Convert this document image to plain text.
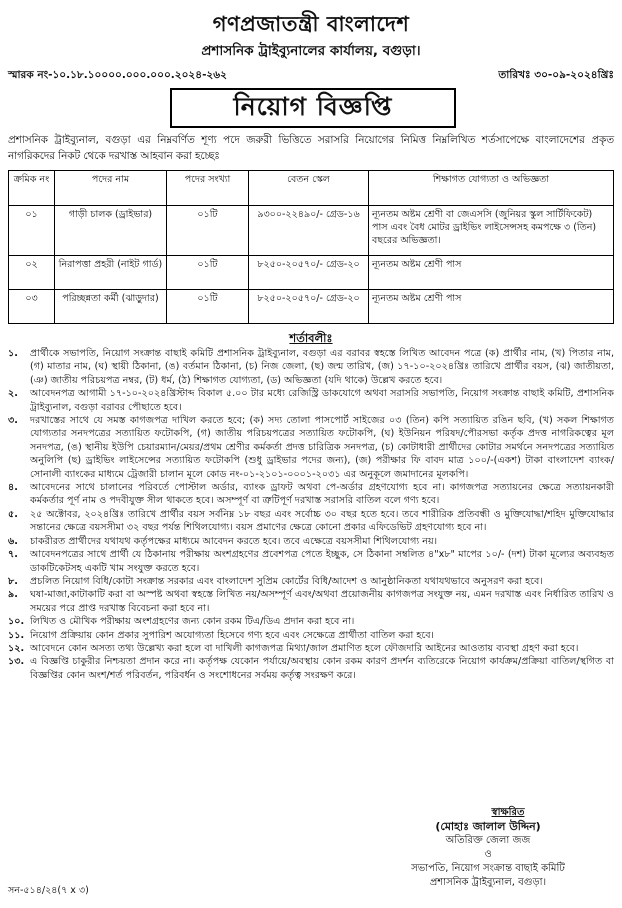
গণপ্রজাতন্ত্রী বাংলাদেশ
প্রশাসনিক ট্রাইব্যুনালের কার্যালয়, বগুড়া।
স্মারক নং-১০.১৮.১০০০০.০০০.০০০.২০২৪-২৬২	তারিখঃ ৩০-০৯-২০২৪খ্রিঃ
নিয়োগ বিজ্ঞপ্তি
প্রশাসনিক ট্রাইব্যুনাল, বগুড়া এর নিম্নবর্ণিত শূণ্য পদে জরুরী ভিত্তিতে সরাসরি নিয়োগের নিমিত্ত নিম্নলিখিত শর্তসাপেক্ষে বাংলাদেশের প্রকৃত নাগরিকদের নিকট থেকে দরখাস্ত আহবান করা হচ্ছেঃ
ক্রমিক নং	পদের নাম	পদের সংখ্যা	বেতন স্কেল	শিক্ষাগত যোগ্যতা ও অভিজ্ঞতা
০১	গাড়ী চালক (ড্রাইভার)	০১টি	৯৩০০-২২৪৯০/- গ্রেড-১৬	ন্যূনতম অষ্টম শ্রেণী বা জেএসসি (জুনিয়র স্কুল সার্টিফিকেট) পাস এবং বৈধ মোটর ড্রাইভিং লাইসেন্সসহ কমপক্ষে ৩ (তিন) বছরের অভিজ্ঞতা।
০২	নিরাপত্তা প্রহরী (নাইট গার্ড)	০১টি	৮২৫০-২০৫৭০/- গ্রেড-২০	ন্যূনতম অষ্টম শ্রেণী পাস
০৩	পরিচ্ছন্নতা কর্মী (ঝাড়ুদার)	০১টি	৮২৫০-২০৫৭০/- গ্রেড-২০	ন্যূনতম অষ্টম শ্রেণী পাস
শর্তাবলীঃ
১.	প্রার্থীকে সভাপতি, নিয়োগ সংক্রান্ত বাছাই কমিটি প্রশাসনিক ট্রাইব্যুনাল, বগুড়া এর বরাবর স্বহস্তে লিখিত আবেদন পত্রে (ক) প্রার্থীর নাম, (খ) পিতার নাম, (গ) মাতার নাম, (ঘ) স্থায়ী ঠিকানা, (ঙ) বর্তমান ঠিকানা, (চ) নিজ জেলা, (ছ) জন্ম তারিখ, (জ) ১৭-১০-২০২৪খ্রিঃ তারিখে প্রার্থীর বয়স, (ঝ) জাতীয়তা, (ঞ) জাতীয় পরিচয়পত্র নম্বর, (ট) ধর্ম, (ঠ) শিক্ষাগত যোগ্যতা, (ড) অভিজ্ঞতা (যদি থাকে) উল্লেখ করতে হবে।
২.	আবেদনপত্র আগামী ১৭-১০-২০২৪খ্রিস্টাব্দ বিকাল ৫.০০ টার মধ্যে রেজিস্ট্রি ডাকযোগে অথবা সরাসরি সভাপতি, নিয়োগ সংক্রান্ত বাছাই কমিটি, প্রশাসনিক ট্রাইব্যুনাল, বগুড়া বরাবর পৌছাতে হবে।
৩.	দরখাস্তের সাথে যে সমস্ত কাগজপত্র দাখিল করতে হবে; (ক) সদ্য তোলা পাসপোর্ট সাইজের ০৩ (তিন) কপি সত্যায়িত রঙিন ছবি, (খ) সকল শিক্ষাগত যোগ্যতার সনদপত্রের সত্যায়িত ফটোকপি, (গ) জাতীয় পরিচয়পত্রের সত্যায়িত ফটোকপি, (ঘ) ইউনিয়ন পরিষদ/পৌরসভা কর্তৃক প্রদত্ত নাগরিকত্বের মূল সনদপত্র, (ঙ) স্থানীয় ইউপি চেয়ারম্যান/মেয়র/প্রথম শ্রেণীর কর্মকর্তা প্রদত্ত চারিত্রিক সনদপত্র, (চ) কোটাধারী প্রার্থীদের কোটার সমর্থনে সনদপত্রের সত্যায়িত অনুলিপি (ছ) ড্রাইভিং লাইসেন্সের সত্যায়িত ফটোকপি (শুধু ড্রাইভার পদের জন্য), (জ) পরীক্ষার ফি বাবদ মাত্র ১০০/-(একশ) টাকা বাংলাদেশ ব্যাংক/ সোনালী ব্যাংকের মাধ্যমে ট্রেজারী চালান মূলে কোড নং-০১-২১০১-০০০১-২০৩১ এর অনুকূলে জমাদানের মূলকপি।
৪.	আবেদনের সাথে চালানের পরিবর্তে পোস্টাল অর্ডার, ব্যাংক ড্রাফট অথবা পে-অর্ডার গ্রহণযোগ্য হবে না। কাগজপত্র সত্যায়নের ক্ষেত্রে সত্যায়নকারী কর্মকর্তার পূর্ণ নাম ও পদবীযুক্ত সীল থাকতে হবে। অসম্পূর্ণ বা ত্রুটিপূর্ণ দরখাস্ত সরাসরি বাতিল বলে গণ্য হবে।
৫.	২৫ অক্টোবর, ২০২৪খ্রিঃ তারিখে প্রার্থীর বয়স সর্বনিম্ন ১৮ বছর এবং সর্বোচ্চ ৩০ বছর হতে হবে। তবে শারীরিক প্রতিবন্ধী ও মুক্তিযোদ্ধা/শহিদ মুক্তিযোদ্ধার সন্তানের ক্ষেত্রে বয়সসীমা ৩২ বছর পর্যন্ত শিথিলযোগ্য। বয়স প্রমাণের ক্ষেত্রে কোনো প্রকার এফিডেভিট গ্রহণযোগ্য হবে না।
৬.	চাকরীরত প্রার্থীদের যথাযথ কর্তৃপক্ষের মাধ্যমে আবেদন করতে হবে। তবে এক্ষেত্রে বয়সসীমা শিথিলযোগ্য নয়।
৭.	আবেদনপত্রের সাথে প্রার্থী যে ঠিকানায় পরীক্ষায় অংশগ্রহণের প্রবেশপত্র পেতে ইচ্ছুক, সে ঠিকানা সম্বলিত ৪"x৮" মাপের ১০/- (দশ) টাকা মূল্যের অব্যবহৃত ডাকটিকেটসহ একটি খাম সংযুক্ত করতে হবে।
৮.	প্রচলিত নিয়োগ বিধি/কোটা সংক্রান্ত সরকার এবং বাংলাদেশ সুপ্রিম কোর্টের বিধি/আদেশ ও আনুষ্ঠানিকতা যথাযথভাবে অনুসরণ করা হবে।
৯.	ঘষা-মাজা,কাটাকাটি করা বা অস্পষ্ট অথবা স্বহস্তে লিখিত নয়/অসম্পূর্ণ এবং/অথবা প্রয়োজনীয় কাগজপত্র সংযুক্ত নয়, এমন দরখাস্ত এবং নির্ধারিত তারিখ ও সময়ের পরে প্রাপ্ত দরখাস্ত বিবেচনা করা হবে না।
১০. লিখিত ও মৌখিক পরীক্ষায় অংশগ্রহণের জন্য কোন রকম টিএ/ডিএ প্রদান করা হবে না।
১১. নিয়োগ প্রক্রিয়ায় কোন প্রকার সুপারিশ অযোগ্যতা হিসেবে গণ্য হবে এবং সেক্ষেত্রে প্রার্থীতা বাতিল করা হবে।
১২. আবেদনে কোন অসত্য তথ্য উল্লেখ্য করা হলে বা দাখিলী কাগজপত্র মিথ্যা/জাল প্রমাণিত হলে ফৌজদারি আইনের আওতায় ব্যবস্থা গ্রহণ করা হবে।
১৩. এ বিজ্ঞপ্তি চাকুরীর নিশ্চয়তা প্রদান করে না। কর্তৃপক্ষ যেকোন পর্যায়ে/অবস্থায় কোন রকম কারণ প্রদর্শন ব্যতিরেকে নিয়োগ কার্যক্রম/প্রক্রিয়া বাতিল/স্থগিত বা বিজ্ঞপ্তির কোন অংশ/শর্ত পরিবর্তন, পরিবর্ধন ও সংশোধনের সর্বময় কর্তৃত্ব সংরক্ষণ করে।
স্বাক্ষরিত
(মোহাঃ জালাল উদ্দিন)
অতিরিক্ত জেলা জজ
ও
সভাপতি, নিয়োগ সংক্রান্ত বাছাই কমিটি
প্রশাসনিক ট্রাইব্যুনাল, বগুড়া।
সন-৫১৪/২৪(৭ x ৩)
